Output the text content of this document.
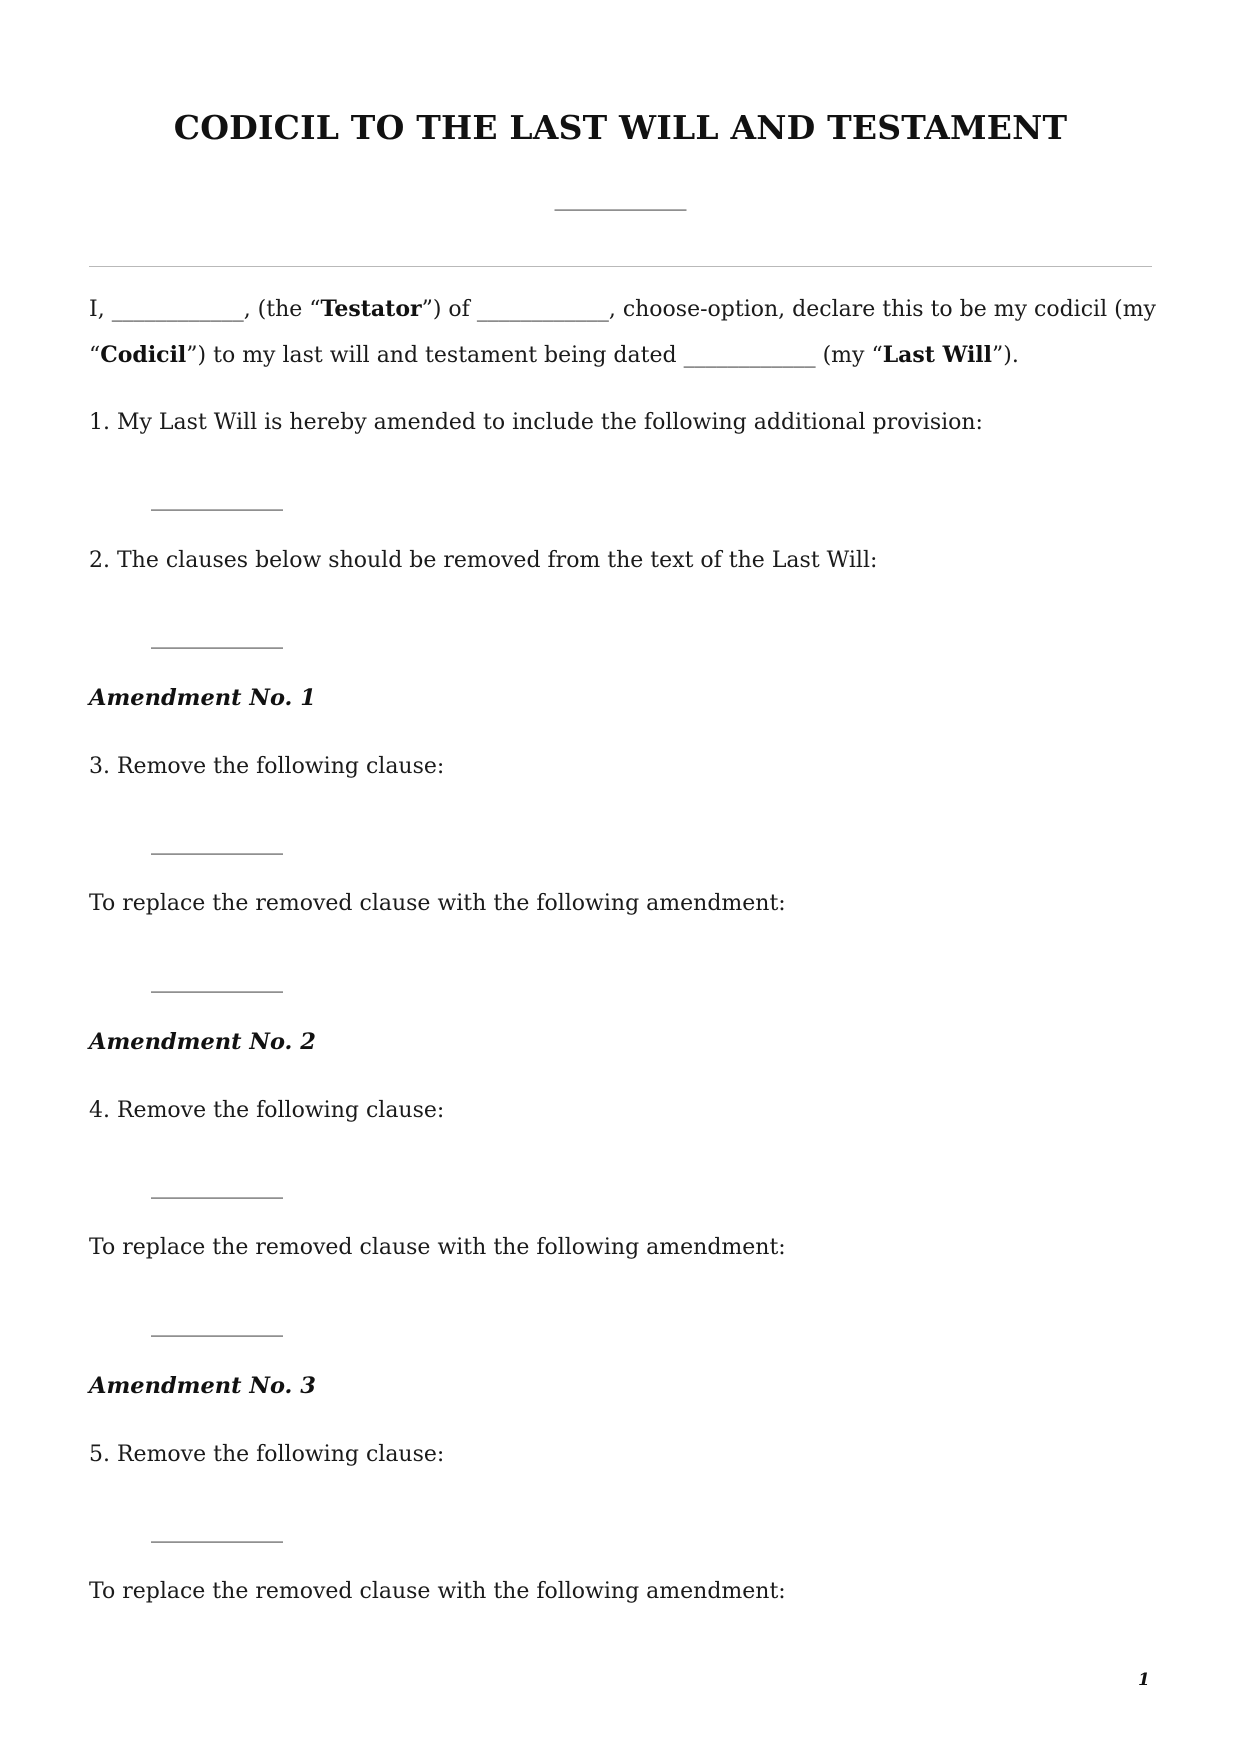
CODICIL TO THE LAST WILL AND TESTAMENT
____________

I, ____________, (the “Testator”) of ____________, choose-option, declare this to be my codicil (my

“Codicil”) to my last will and testament being dated ____________ (my “Last Will”).

1. My Last Will is hereby amended to include the following additional provision:

____________

2. The clauses below should be removed from the text of the Last Will:

____________

Amendment No. 1

3. Remove the following clause:

____________

To replace the removed clause with the following amendment:

____________

Amendment No. 2

4. Remove the following clause:

____________

To replace the removed clause with the following amendment:

____________

Amendment No. 3

5. Remove the following clause:

____________

To replace the removed clause with the following amendment:

1
